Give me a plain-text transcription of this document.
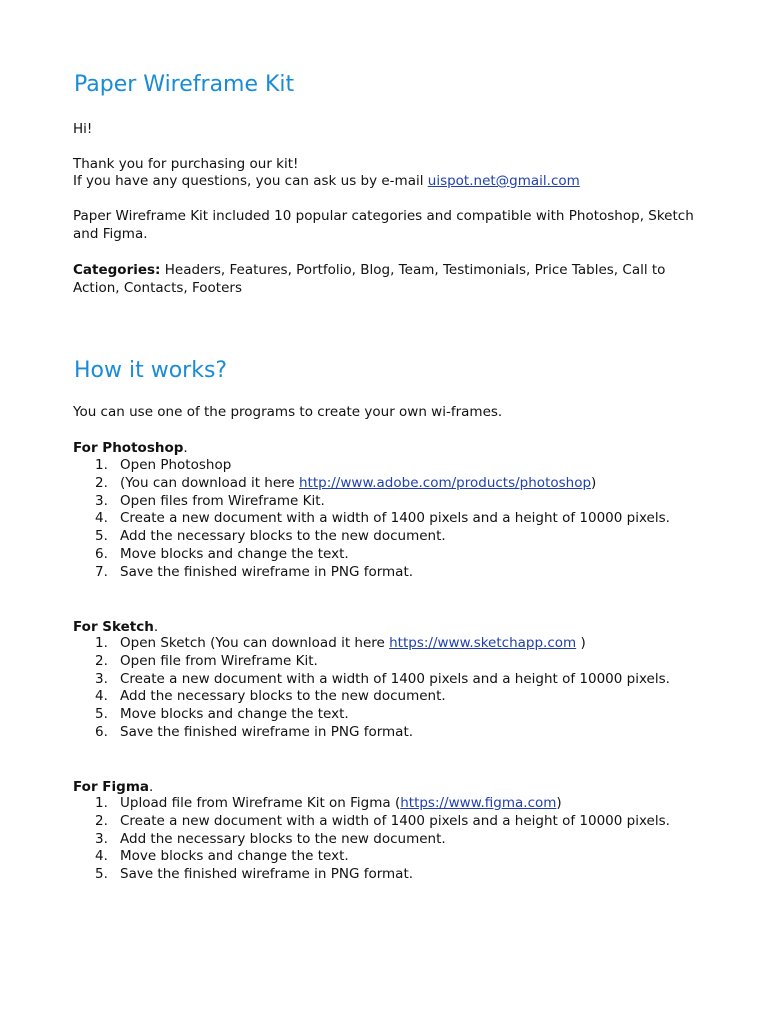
Paper Wireframe Kit

Hi!

Thank you for purchasing our kit!

If you have any questions, you can ask us by e-mail uispot.net@gmail.com

Paper Wireframe Kit included 10 popular categories and compatible with Photoshop, Sketch and Figma.

Categories: Headers, Features, Portfolio, Blog, Team, Testimonials, Price Tables, Call to Action, Contacts, Footers

How it works?

You can use one of the programs to create your own wi-frames.

For Photoshop.

1. Open Photoshop
2. (You can download it here http://www.adobe.com/products/photoshop)
3. Open files from Wireframe Kit.
4. Create a new document with a width of 1400 pixels and a height of 10000 pixels.
5. Add the necessary blocks to the new document.
6. Move blocks and change the text.
7. Save the finished wireframe in PNG format.

For Sketch.

1. Open Sketch (You can download it here https://www.sketchapp.com )
2. Open file from Wireframe Kit.
3. Create a new document with a width of 1400 pixels and a height of 10000 pixels.
4. Add the necessary blocks to the new document.
5. Move blocks and change the text.
6. Save the finished wireframe in PNG format.

For Figma.

1. Upload file from Wireframe Kit on Figma (https://www.figma.com)
2. Create a new document with a width of 1400 pixels and a height of 10000 pixels.
3. Add the necessary blocks to the new document.
4. Move blocks and change the text.
5. Save the finished wireframe in PNG format.
